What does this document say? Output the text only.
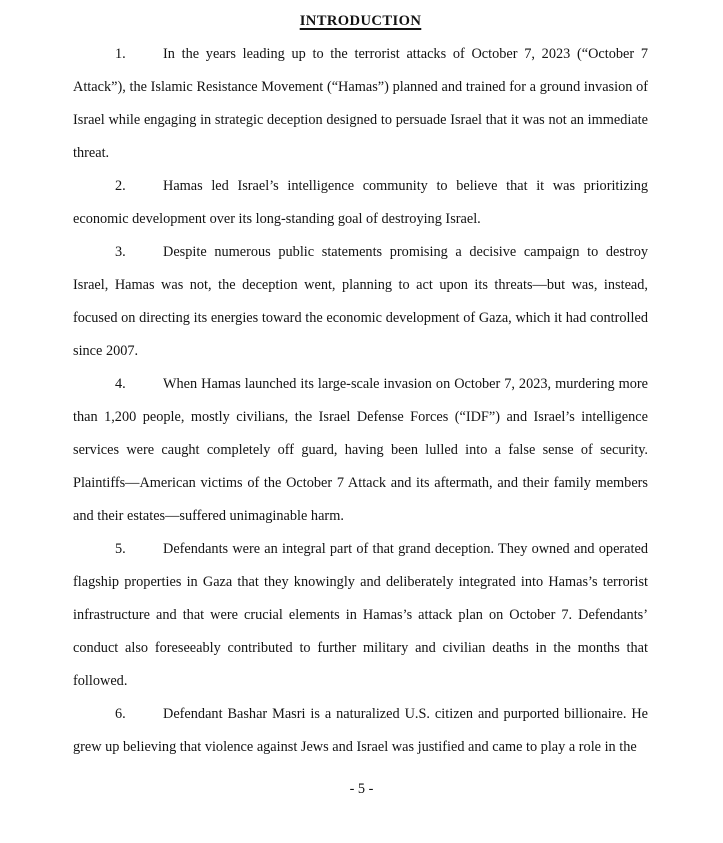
INTRODUCTION

1.	In the years leading up to the terrorist attacks of October 7, 2023 (“October 7 Attack”), the Islamic Resistance Movement (“Hamas”) planned and trained for a ground invasion of Israel while engaging in strategic deception designed to persuade Israel that it was not an immediate threat.

2.	Hamas led Israel’s intelligence community to believe that it was prioritizing economic development over its long-standing goal of destroying Israel.

3.	Despite numerous public statements promising a decisive campaign to destroy Israel, Hamas was not, the deception went, planning to act upon its threats—but was, instead, focused on directing its energies toward the economic development of Gaza, which it had controlled since 2007.

4.	When Hamas launched its large-scale invasion on October 7, 2023, murdering more than 1,200 people, mostly civilians, the Israel Defense Forces (“IDF”) and Israel’s intelligence services were caught completely off guard, having been lulled into a false sense of security. Plaintiffs—American victims of the October 7 Attack and its aftermath, and their family members and their estates—suffered unimaginable harm.

5.	Defendants were an integral part of that grand deception. They owned and operated flagship properties in Gaza that they knowingly and deliberately integrated into Hamas’s terrorist infrastructure and that were crucial elements in Hamas’s attack plan on October 7. Defendants’ conduct also foreseeably contributed to further military and civilian deaths in the months that followed.

6.	Defendant Bashar Masri is a naturalized U.S. citizen and purported billionaire. He grew up believing that violence against Jews and Israel was justified and came to play a role in the

- 5 -
